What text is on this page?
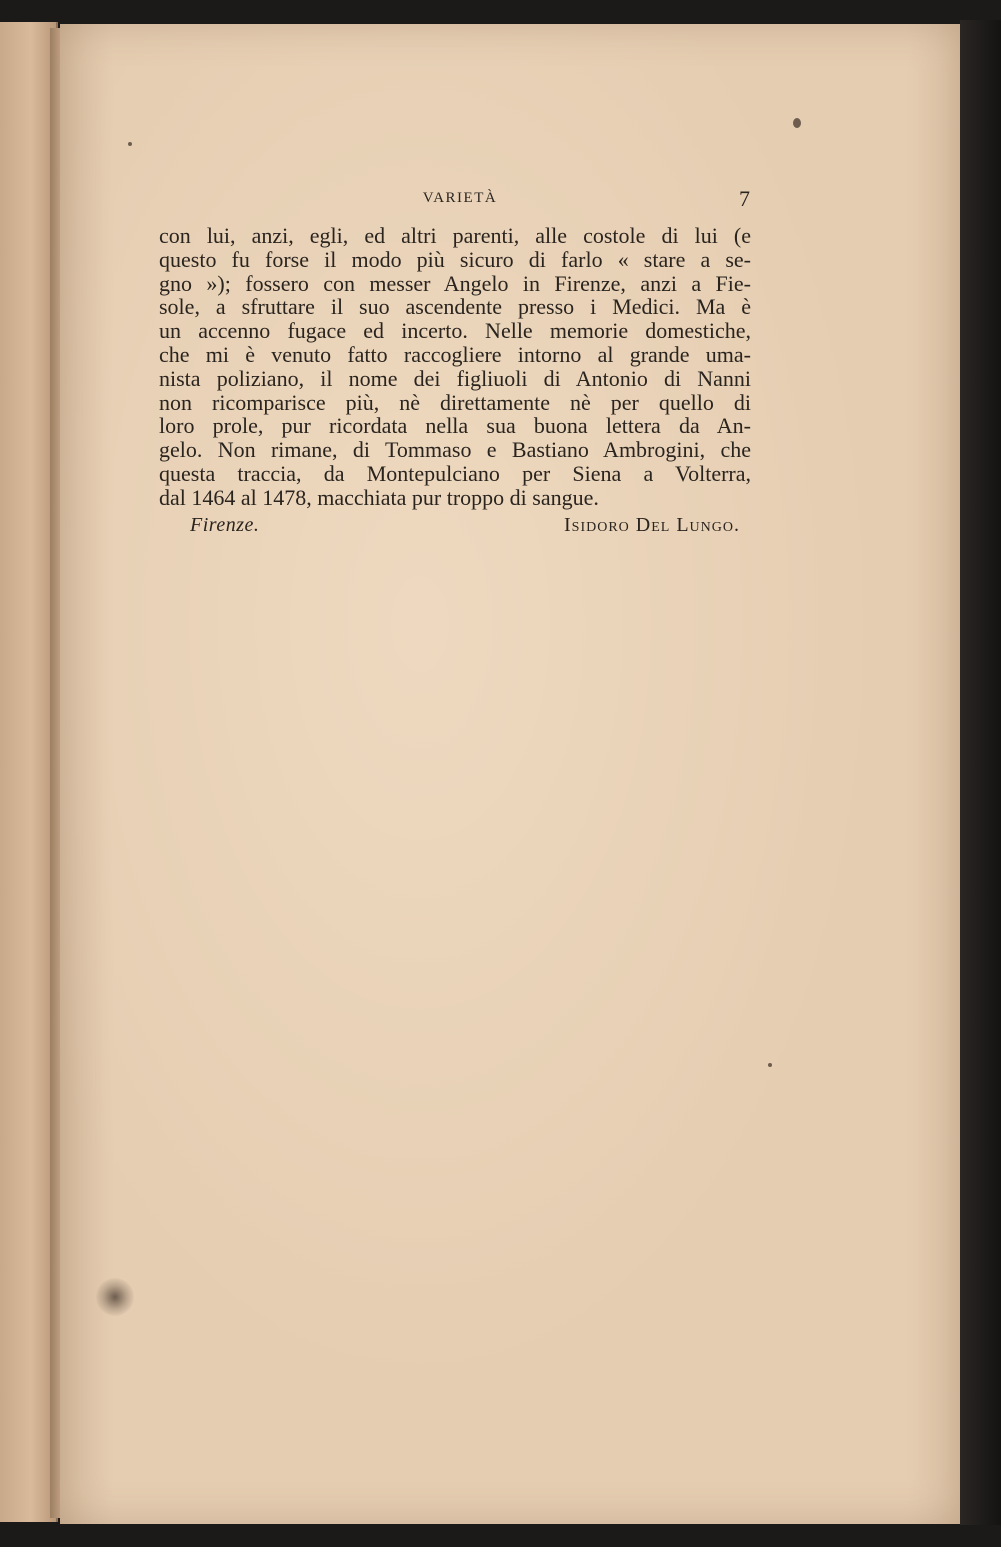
VARIETÀ	7
con lui, anzi, egli, ed altri parenti, alle costole di lui (e
questo fu forse il modo più sicuro di farlo « stare a se-
gno »); fossero con messer Angelo in Firenze, anzi a Fie-
sole, a sfruttare il suo ascendente presso i Medici. Ma è
un accenno fugace ed incerto. Nelle memorie domestiche,
che mi è venuto fatto raccogliere intorno al grande uma-
nista poliziano, il nome dei figliuoli di Antonio di Nanni
non ricomparisce più, nè direttamente nè per quello di
loro prole, pur ricordata nella sua buona lettera da An-
gelo. Non rimane, di Tommaso e Bastiano Ambrogini, che
questa traccia, da Montepulciano per Siena a Volterra,
dal 1464 al 1478, macchiata pur troppo di sangue.
Firenze.	Isidoro Del Lungo.
